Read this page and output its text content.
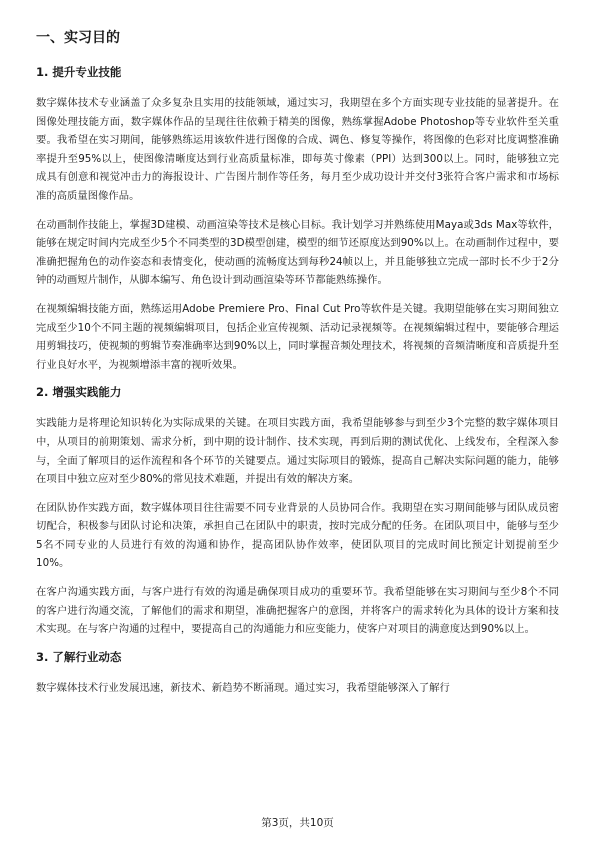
一、实习目的
1. 提升专业技能

数字媒体技术专业涵盖了众多复杂且实用的技能领域，通过实习，我期望在多个方面实现专业技能的显著提升。在图像处理技能方面，数字媒体作品的呈现往往依赖于精美的图像，熟练掌握Adobe Photoshop等专业软件至关重要。我希望在实习期间，能够熟练运用该软件进行图像的合成、调色、修复等操作，将图像的色彩对比度调整准确率提升至95%以上，使图像清晰度达到行业高质量标准，即每英寸像素（PPI）达到300以上。同时，能够独立完成具有创意和视觉冲击力的海报设计、广告图片制作等任务，每月至少成功设计并交付3张符合客户需求和市场标准的高质量图像作品。

在动画制作技能上，掌握3D建模、动画渲染等技术是核心目标。我计划学习并熟练使用Maya或3ds Max等软件，能够在规定时间内完成至少5个不同类型的3D模型创建，模型的细节还原度达到90%以上。在动画制作过程中，要准确把握角色的动作姿态和表情变化，使动画的流畅度达到每秒24帧以上，并且能够独立完成一部时长不少于2分钟的动画短片制作，从脚本编写、角色设计到动画渲染等环节都能熟练操作。

在视频编辑技能方面，熟练运用Adobe Premiere Pro、Final Cut Pro等软件是关键。我期望能够在实习期间独立完成至少10个不同主题的视频编辑项目，包括企业宣传视频、活动记录视频等。在视频编辑过程中，要能够合理运用剪辑技巧，使视频的剪辑节奏准确率达到90%以上，同时掌握音频处理技术，将视频的音频清晰度和音质提升至行业良好水平，为视频增添丰富的视听效果。

2. 增强实践能力

实践能力是将理论知识转化为实际成果的关键。在项目实践方面，我希望能够参与到至少3个完整的数字媒体项目中，从项目的前期策划、需求分析，到中期的设计制作、技术实现，再到后期的测试优化、上线发布，全程深入参与，全面了解项目的运作流程和各个环节的关键要点。通过实际项目的锻炼，提高自己解决实际问题的能力，能够在项目中独立应对至少80%的常见技术难题，并提出有效的解决方案。

在团队协作实践方面，数字媒体项目往往需要不同专业背景的人员协同合作。我期望在实习期间能够与团队成员密切配合，积极参与团队讨论和决策，承担自己在团队中的职责，按时完成分配的任务。在团队项目中，能够与至少5名不同专业的人员进行有效的沟通和协作，提高团队协作效率，使团队项目的完成时间比预定计划提前至少10%。

在客户沟通实践方面，与客户进行有效的沟通是确保项目成功的重要环节。我希望能够在实习期间与至少8个不同的客户进行沟通交流，了解他们的需求和期望，准确把握客户的意图，并将客户的需求转化为具体的设计方案和技术实现。在与客户沟通的过程中，要提高自己的沟通能力和应变能力，使客户对项目的满意度达到90%以上。

3. 了解行业动态

数字媒体技术行业发展迅速，新技术、新趋势不断涌现。通过实习，我希望能够深入了解行

第3页，共10页
